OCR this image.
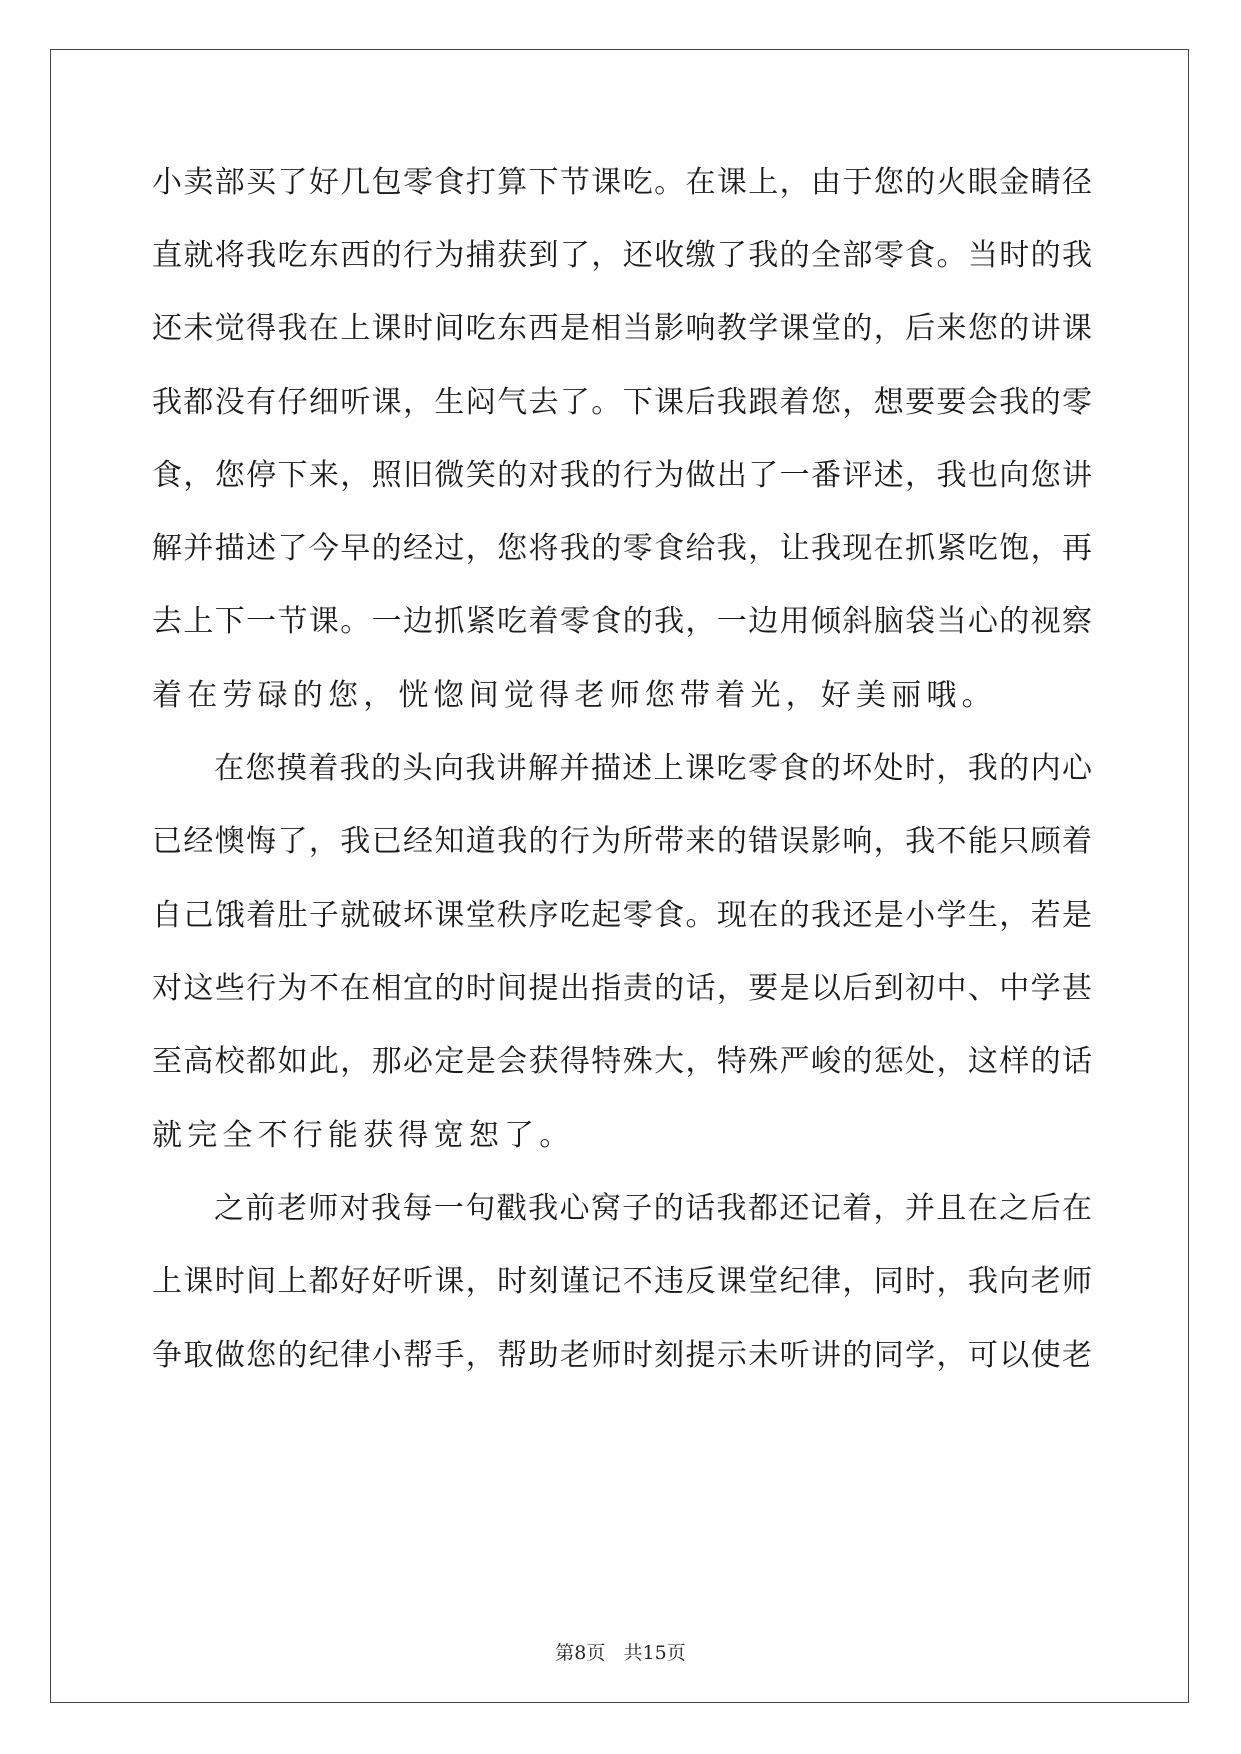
小卖部买了好几包零食打算下节课吃。在课上，由于您的火眼金睛径
直就将我吃东西的行为捕获到了，还收缴了我的全部零食。当时的我
还未觉得我在上课时间吃东西是相当影响教学课堂的，后来您的讲课
我都没有仔细听课，生闷气去了。下课后我跟着您，想要要会我的零
食，您停下来，照旧微笑的对我的行为做出了一番评述，我也向您讲
解并描述了今早的经过，您将我的零食给我，让我现在抓紧吃饱，再
去上下一节课。一边抓紧吃着零食的我，一边用倾斜脑袋当心的视察
着在劳碌的您，恍惚间觉得老师您带着光，好美丽哦。
在您摸着我的头向我讲解并描述上课吃零食的坏处时，我的内心
已经懊悔了，我已经知道我的行为所带来的错误影响，我不能只顾着
自己饿着肚子就破坏课堂秩序吃起零食。现在的我还是小学生，若是
对这些行为不在相宜的时间提出指责的话，要是以后到初中、中学甚
至高校都如此，那必定是会获得特殊大，特殊严峻的惩处，这样的话
就完全不行能获得宽恕了。
之前老师对我每一句戳我心窝子的话我都还记着，并且在之后在
上课时间上都好好听课，时刻谨记不违反课堂纪律，同时，我向老师
争取做您的纪律小帮手，帮助老师时刻提示未听讲的同学，可以使老
第8页 共15页
